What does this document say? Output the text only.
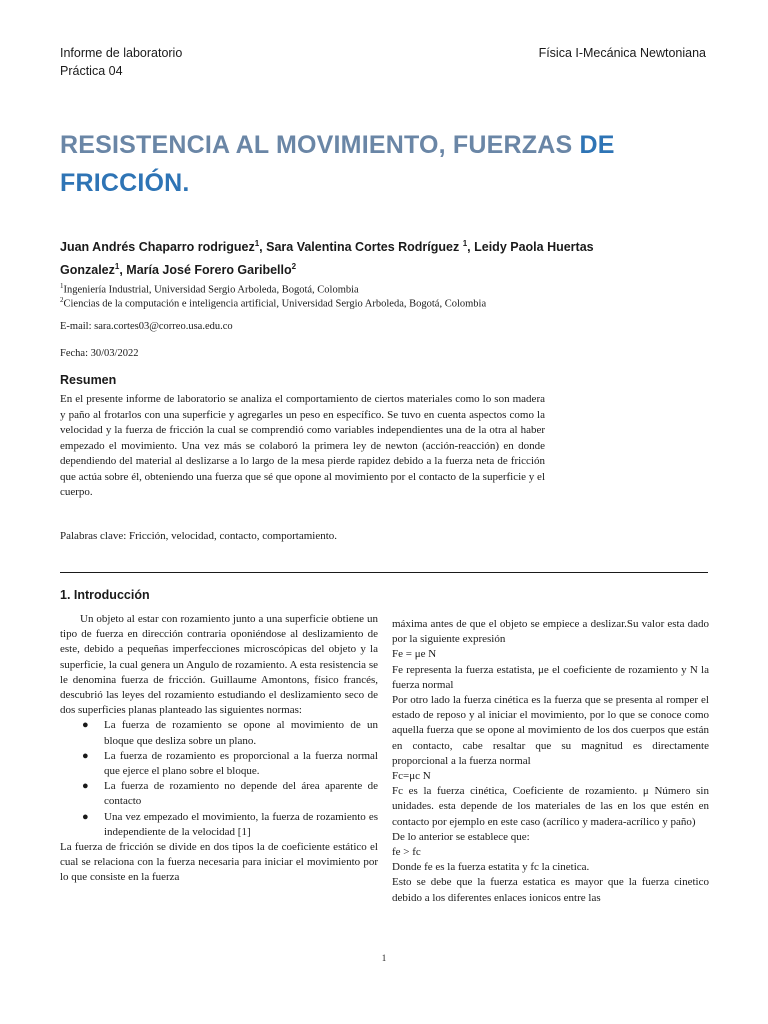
Informe de laboratorio
Práctica 04
Física I-Mecánica Newtoniana
RESISTENCIA AL MOVIMIENTO, FUERZAS DE FRICCIÓN.
Juan Andrés Chaparro rodriguez$^1$, Sara Valentina Cortes Rodríguez $^1$, Leidy Paola Huertas Gonzalez$^1$, María José Forero Garibello$^2$
$^1$Ingeniería Industrial, Universidad Sergio Arboleda, Bogotá, Colombia
$^2$Ciencias de la computación e inteligencia artificial, Universidad Sergio Arboleda, Bogotá, Colombia
E-mail: sara.cortes03@correo.usa.edu.co
Fecha: 30/03/2022
Resumen
En el presente informe de laboratorio se analiza el comportamiento de ciertos materiales como lo son madera y paño al frotarlos con una superficie y agregarles un peso en específico. Se tuvo en cuenta aspectos como la velocidad y la fuerza de fricción la cual se comprendió como variables independientes una de la otra al haber empezado el movimiento. Una vez más se colaboró la primera ley de newton (acción-reacción) en donde dependiendo del material al deslizarse a lo largo de la mesa pierde rapidez debido a la fuerza neta de fricción que actúa sobre él, obteniendo una fuerza que sé que opone al movimiento por el contacto de la superficie y el cuerpo.
Palabras clave: Fricción, velocidad, contacto, comportamiento.
1. Introducción

Un objeto al estar con rozamiento junto a una superficie obtiene un tipo de fuerza en dirección contraria oponiéndose al deslizamiento de este, debido a pequeñas imperfecciones microscópicas del objeto y la superficie, la cual genera un Angulo de rozamiento. A esta resistencia se le denomina fuerza de fricción. Guillaume Amontons, físico francés, descubrió las leyes del rozamiento estudiando el deslizamiento seco de dos superficies planas planteado las siguientes normas:

● La fuerza de rozamiento se opone al movimiento de un bloque que desliza sobre un plano.
● La fuerza de rozamiento es proporcional a la fuerza normal que ejerce el plano sobre el bloque.
● La fuerza de rozamiento no depende del área aparente de contacto
● Una vez empezado el movimiento, la fuerza de rozamiento es independiente de la velocidad [1]

La fuerza de fricción se divide en dos tipos la de coeficiente estático el cual se relaciona con la fuerza necesaria para iniciar el movimiento por lo que consiste en la fuerza

máxima antes de que el objeto se empiece a deslizar.Su valor esta dado por la siguiente expresión

Fe = μe N

Fe representa la fuerza estatista, μe el coeficiente de rozamiento y N la fuerza normal

Por otro lado la fuerza cinética es la fuerza que se presenta al romper el estado de reposo y al iniciar el movimiento, por lo que se conoce como aquella fuerza que se opone al movimiento de los dos cuerpos que están en contacto, cabe resaltar que su magnitud es directamente proporcional a la fuerza normal

Fc=μc N

Fc es la fuerza cinética, Coeficiente de rozamiento. μ Número sin unidades. esta depende de los materiales de las en los que estén en contacto por ejemplo en este caso (acrílico y madera-acrílico y paño)

De lo anterior se establece que:

fe > fc

Donde fe es la fuerza estatita y fc la cinetica.

Esto se debe que la fuerza estatica es mayor que la fuerza cinetico debido a los diferentes enlaces ionicos entre las

1
